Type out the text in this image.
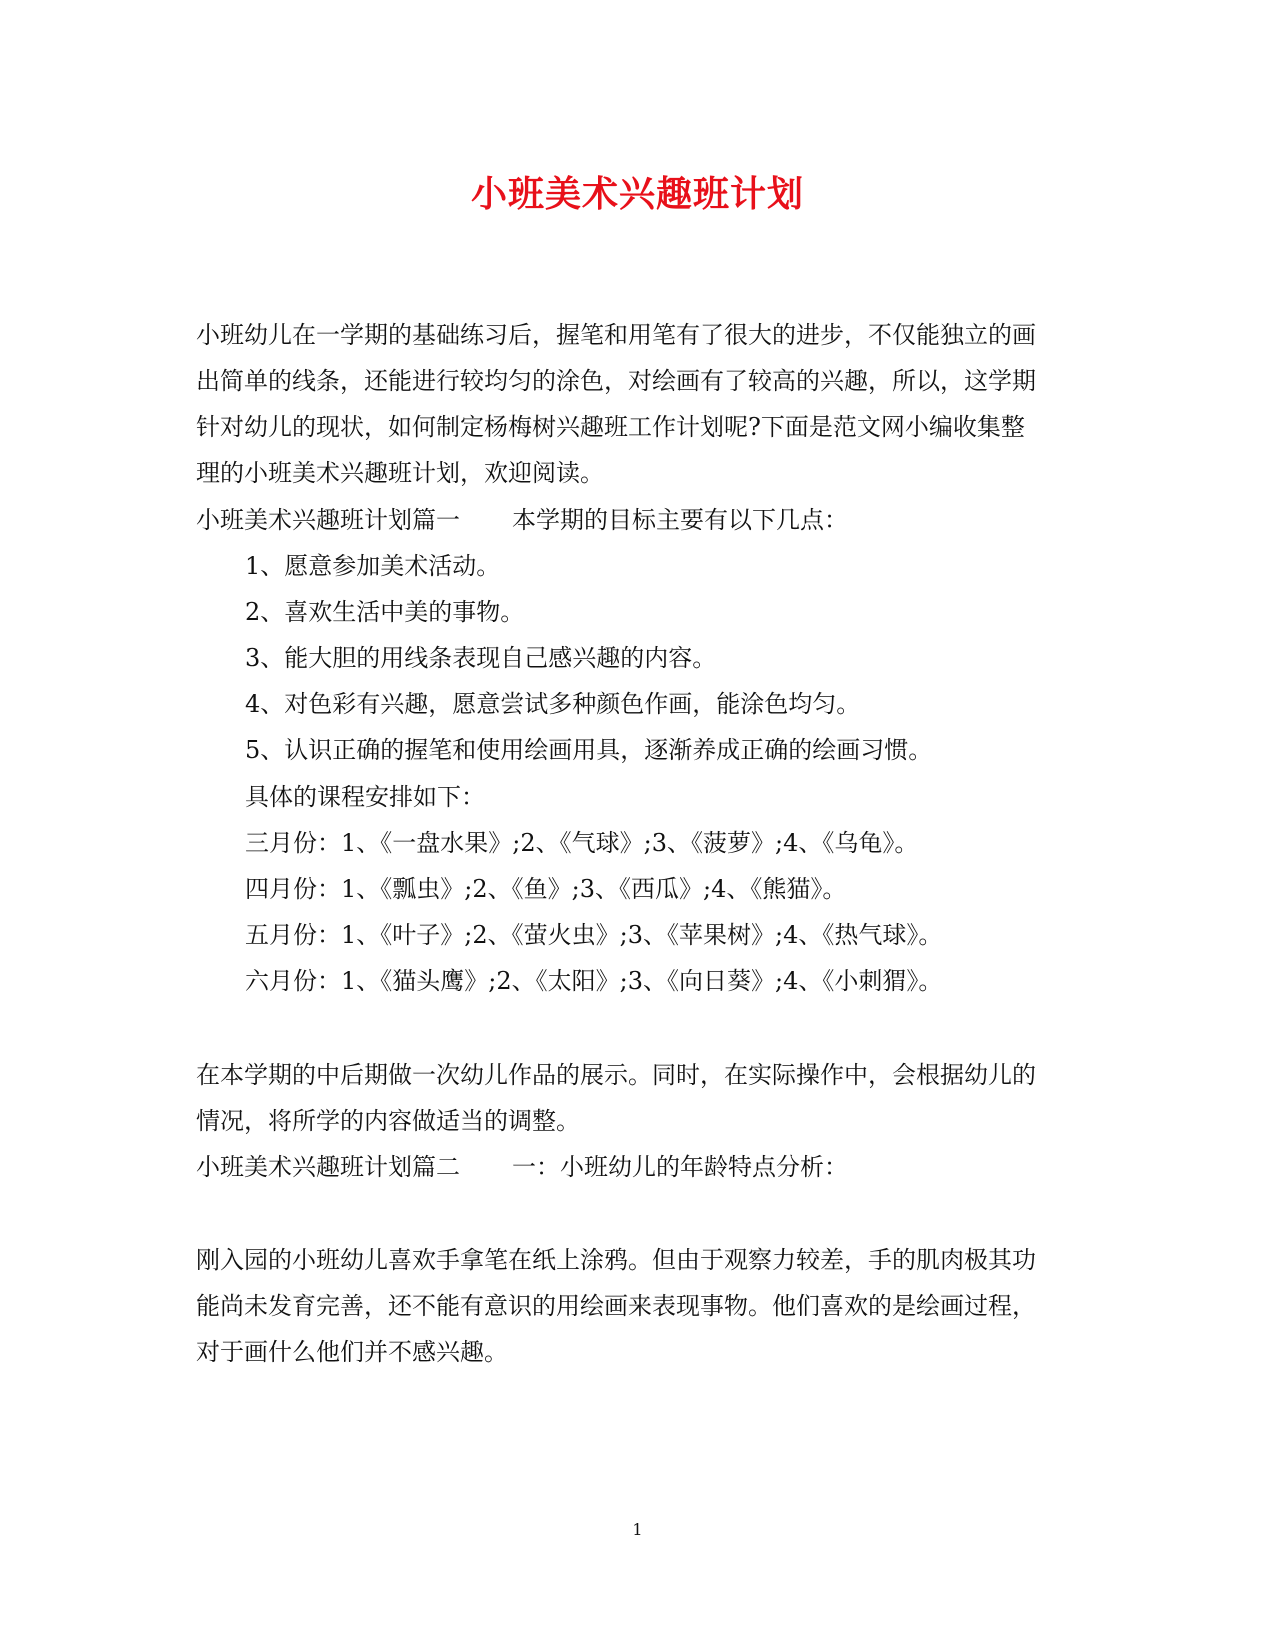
小班美术兴趣班计划
小班幼儿在一学期的基础练习后，握笔和用笔有了很大的进步，不仅能独立的画
出简单的线条，还能进行较均匀的涂色，对绘画有了较高的兴趣，所以，这学期
针对幼儿的现状，如何制定杨梅树兴趣班工作计划呢?下面是范文网小编收集整
理的小班美术兴趣班计划，欢迎阅读。
小班美术兴趣班计划篇一 本学期的目标主要有以下几点：
1、愿意参加美术活动。
2、喜欢生活中美的事物。
3、能大胆的用线条表现自己感兴趣的内容。
4、对色彩有兴趣，愿意尝试多种颜色作画，能涂色均匀。
5、认识正确的握笔和使用绘画用具，逐渐养成正确的绘画习惯。
具体的课程安排如下：
三月份：1、《一盘水果》;2、《气球》;3、《菠萝》;4、《乌龟》。
四月份：1、《瓢虫》;2、《鱼》;3、《西瓜》;4、《熊猫》。
五月份：1、《叶子》;2、《萤火虫》;3、《苹果树》;4、《热气球》。
六月份：1、《猫头鹰》;2、《太阳》;3、《向日葵》;4、《小刺猬》。
在本学期的中后期做一次幼儿作品的展示。同时，在实际操作中，会根据幼儿的
情况，将所学的内容做适当的调整。
小班美术兴趣班计划篇二 一：小班幼儿的年龄特点分析：
刚入园的小班幼儿喜欢手拿笔在纸上涂鸦。但由于观察力较差，手的肌肉极其功
能尚未发育完善，还不能有意识的用绘画来表现事物。他们喜欢的是绘画过程，
对于画什么他们并不感兴趣。
1
